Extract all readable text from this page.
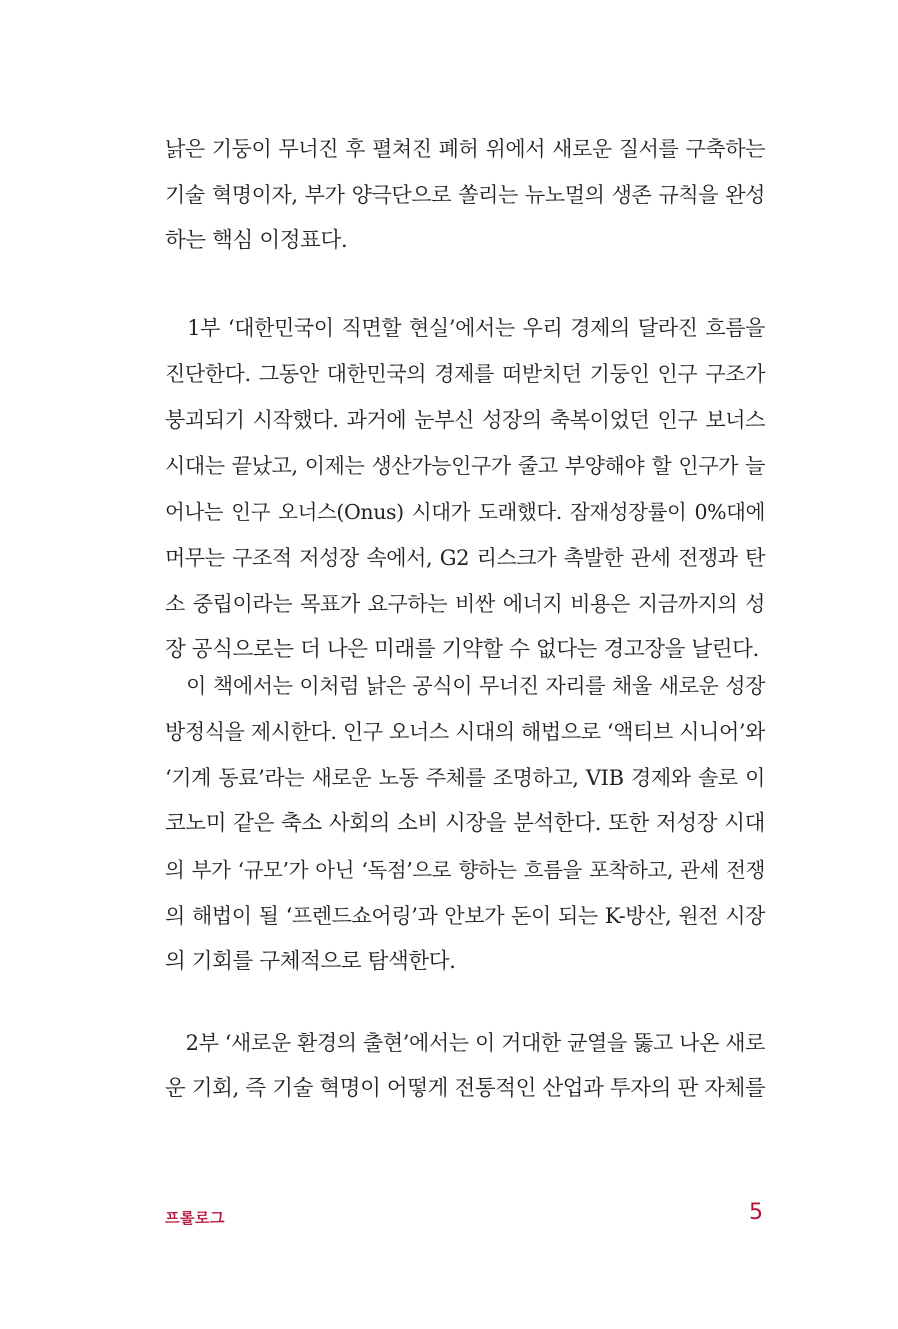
낡은 기둥이 무너진 후 펼쳐진 폐허 위에서 새로운 질서를 구축하는
기술 혁명이자, 부가 양극단으로 쏠리는 뉴노멀의 생존 규칙을 완성
하는 핵심 이정표다.
　1부 ‘대한민국이 직면할 현실’에서는 우리 경제의 달라진 흐름을
진단한다. 그동안 대한민국의 경제를 떠받치던 기둥인 인구 구조가
붕괴되기 시작했다. 과거에 눈부신 성장의 축복이었던 인구 보너스
시대는 끝났고, 이제는 생산가능인구가 줄고 부양해야 할 인구가 늘
어나는 인구 오너스(Onus) 시대가 도래했다. 잠재성장률이 0%대에
머무는 구조적 저성장 속에서, G2 리스크가 촉발한 관세 전쟁과 탄
소 중립이라는 목표가 요구하는 비싼 에너지 비용은 지금까지의 성
장 공식으로는 더 나은 미래를 기약할 수 없다는 경고장을 날린다.
　이 책에서는 이처럼 낡은 공식이 무너진 자리를 채울 새로운 성장
방정식을 제시한다. 인구 오너스 시대의 해법으로 ‘액티브 시니어’와
‘기계 동료’라는 새로운 노동 주체를 조명하고, VIB 경제와 솔로 이
코노미 같은 축소 사회의 소비 시장을 분석한다. 또한 저성장 시대
의 부가 ‘규모’가 아닌 ‘독점’으로 향하는 흐름을 포착하고, 관세 전쟁
의 해법이 될 ‘프렌드쇼어링’과 안보가 돈이 되는 K-방산, 원전 시장
의 기회를 구체적으로 탐색한다.
　2부 ‘새로운 환경의 출현’에서는 이 거대한 균열을 뚫고 나온 새로
운 기회, 즉 기술 혁명이 어떻게 전통적인 산업과 투자의 판 자체를
프롤로그	5
